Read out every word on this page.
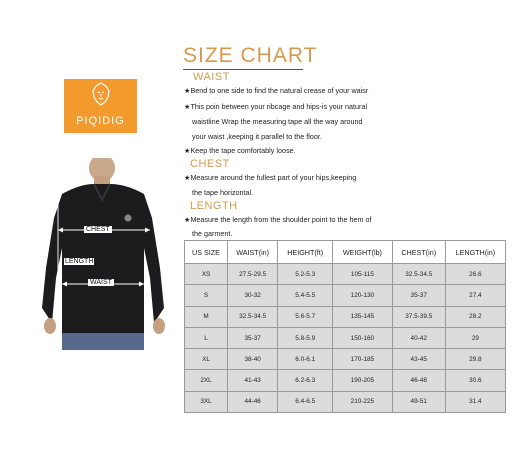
SIZE CHART
PIQIDIG
WAIST
★Bend to one side to find the natural crease of your waisr
★This poin between your ribcage and hips-is your natural
waistline Wrap the measuring tape all the way around
your waist ,keeping it parallel to the floor.
★Keep the tape comfortably loose.
CHEST
★Measure around the fullest part of your hips,keeping
the tape horizontal.
LENGTH
★Measure the length from the shoulder point to the hem of
the garment.
CHEST
LENGTH
WAIST
US SIZE	WAIST(in)	HEIGHT(ft)	WEIGHT(lb)	CHEST(in)	LENGTH(in)
XS	27.5-29.5	5.2-5.3	105-115	32.5-34.5	26.6
S	30-32	5.4-5.5	120-130	35-37	27.4
M	32.5-34.5	5.6-5.7	135-145	37.5-39.5	28.2
L	35-37	5.8-5.9	150-160	40-42	29
XL	38-40	6.0-6.1	170-185	43-45	29.8
2XL	41-43	6.2-6.3	190-205	46-48	30.6
3XL	44-46	6.4-6.5	210-225	49-51	31.4
